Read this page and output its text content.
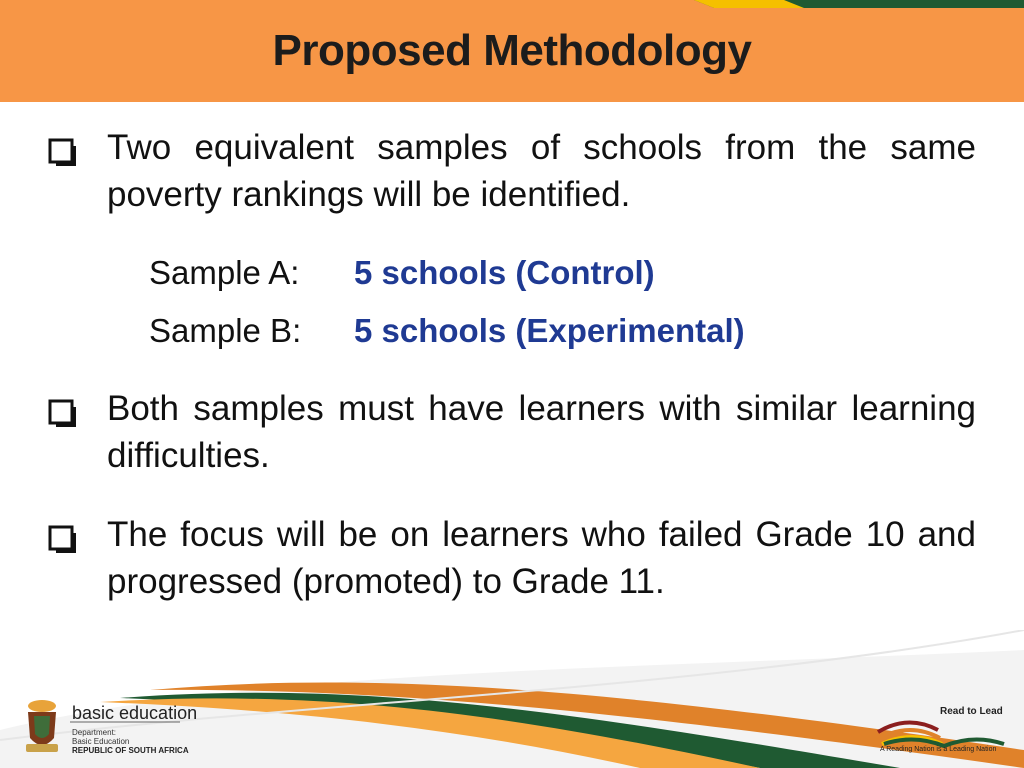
Proposed Methodology
Two equivalent samples of schools from the same poverty rankings will be identified.
Sample A: 5 schools (Control)
Sample B: 5 schools (Experimental)
Both samples must have learners with similar learning difficulties.
The focus will be on learners who failed Grade 10 and progressed (promoted) to Grade 11.
basic education
Department:
Basic Education
REPUBLIC OF SOUTH AFRICA
Read to Lead
A Reading Nation is a Leading Nation
